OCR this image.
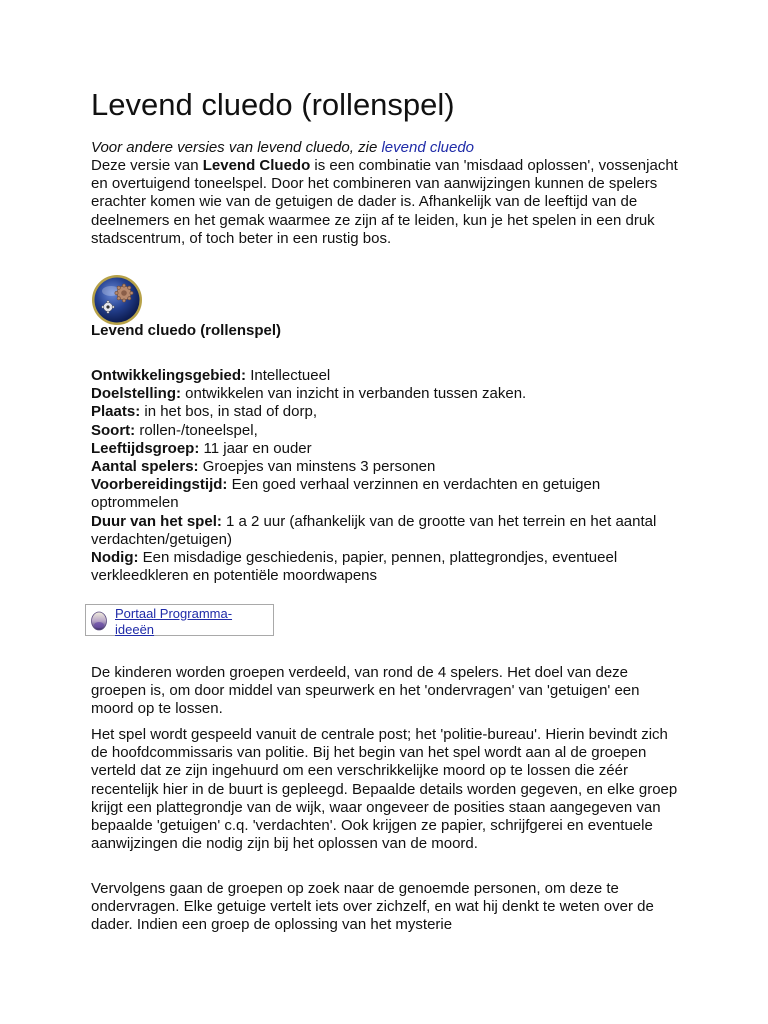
Levend cluedo (rollenspel)
Voor andere versies van levend cluedo, zie levend cluedo

Deze versie van Levend Cluedo is een combinatie van 'misdaad oplossen', vossenjacht en overtuigend toneelspel. Door het combineren van aanwijzingen kunnen de spelers erachter komen wie van de getuigen de dader is. Afhankelijk van de leeftijd van de deelnemers en het gemak waarmee ze zijn af te leiden, kun je het spelen in een druk stadscentrum, of toch beter in een rustig bos.

Levend cluedo (rollenspel)
Ontwikkelingsgebied: Intellectueel
Doelstelling: ontwikkelen van inzicht in verbanden tussen zaken.
Plaats: in het bos, in stad of dorp,
Soort: rollen-/toneelspel,
Leeftijdsgroep: 11 jaar en ouder
Aantal spelers: Groepjes van minstens 3 personen
Voorbereidingstijd: Een goed verhaal verzinnen en verdachten en getuigen optrommelen
Duur van het spel: 1 a 2 uur (afhankelijk van de grootte van het terrein en het aantal verdachten/getuigen)
Nodig: Een misdadige geschiedenis, papier, pennen, plattegrondjes, eventueel verkleedkleren en potentiële moordwapens
Portaal Programma-ideeën

De kinderen worden groepen verdeeld, van rond de 4 spelers. Het doel van deze groepen is, om door middel van speurwerk en het 'ondervragen' van 'getuigen' een moord op te lossen.

Het spel wordt gespeeld vanuit de centrale post; het 'politie-bureau'. Hierin bevindt zich de hoofdcommissaris van politie. Bij het begin van het spel wordt aan al de groepen verteld dat ze zijn ingehuurd om een verschrikkelijke moord op te lossen die zéér recentelijk hier in de buurt is gepleegd. Bepaalde details worden gegeven, en elke groep krijgt een plattegrondje van de wijk, waar ongeveer de posities staan aangegeven van bepaalde 'getuigen' c.q. 'verdachten'. Ook krijgen ze papier, schrijfgerei en eventuele aanwijzingen die nodig zijn bij het oplossen van de moord.

Vervolgens gaan de groepen op zoek naar de genoemde personen, om deze te ondervragen. Elke getuige vertelt iets over zichzelf, en wat hij denkt te weten over de dader. Indien een groep de oplossing van het mysterie
